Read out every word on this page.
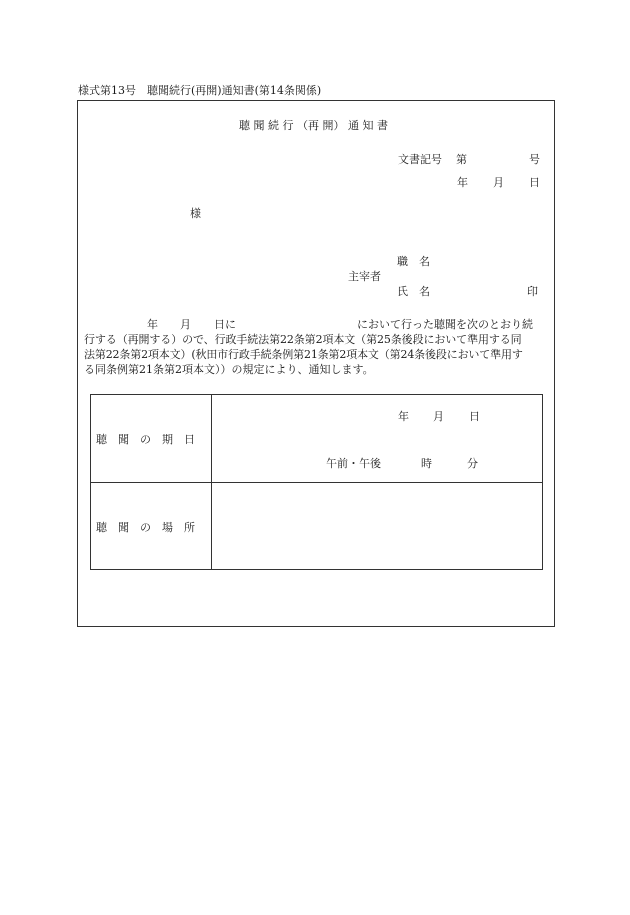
様式第13号　聴聞続行(再開)通知書(第14条関係)
聴 聞 続 行 （再 開） 通 知 書
文書記号 第	号
年 月 日
様
職　名
主宰者
氏　名	印
年 月 日に	において行った聴聞を次のとおり続
行する（再開する）ので、行政手続法第22条第2項本文（第25条後段において準用する同
法第22条第2項本文）(秋田市行政手続条例第21条第2項本文（第24条後段において準用す
る同条例第21条第2項本文））の規定により、通知します。
聴　聞　の　期　日
年 月 日
午前・午後	時	分
聴　聞　の　場　所
